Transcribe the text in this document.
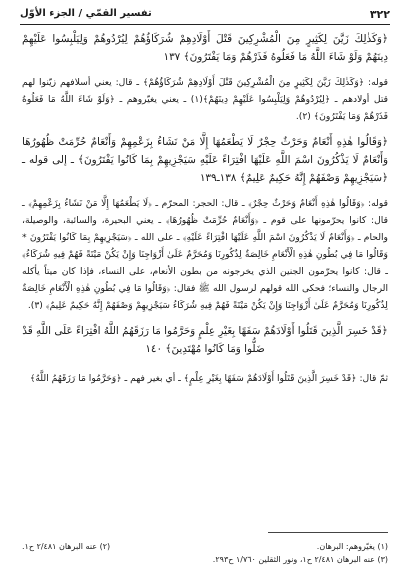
٣٢٢
تفسير القمّي / الجزء الأوّل

﴿وَكَذٰلِكَ زَيَّنَ لِكَثِيرٍ مِنَ الْمُشْرِكِينَ قَتْلَ أَوْلَادِهِمْ شُرَكَاؤُهُمْ لِيُرْدُوهُمْ وَلِيَلْبِسُوا عَلَيْهِمْ دِينَهُمْ وَلَوْ شَاءَ اللَّهُ مَا فَعَلُوهُ فَذَرْهُمْ وَمَا يَفْتَرُونَ﴾ ١٣٧

قوله: ﴿وَكَذٰلِكَ زَيَّنَ لِكَثِيرٍ مِنَ الْمُشْرِكِينَ قَتْلَ أَوْلَادِهِمْ شُرَكَاؤُهُمْ﴾ ـ قال: يعني أسلافهم زيّنوا لهم قتل أولادهم ـ ﴿لِيُرْدُوهُمْ وَلِيَلْبِسُوا عَلَيْهِمْ دِينَهُمْ﴾(١) ـ يعني يغيّروهم ـ ﴿وَلَوْ شَاءَ اللَّهُ مَا فَعَلُوهُ فَذَرْهُمْ وَمَا يَفْتَرُونَ﴾ (٢).

﴿وَقَالُوا هٰذِهِ أَنْعَامٌ وَحَرْثٌ حِجْرٌ لَا يَطْعَمُهَا إِلَّا مَنْ نَشَاءُ بِزَعْمِهِمْ وَأَنْعَامٌ حُرِّمَتْ ظُهُورُهَا وَأَنْعَامٌ لَا يَذْكُرُونَ اسْمَ اللَّهِ عَلَيْهَا افْتِرَاءً عَلَيْهِ سَيَجْزِيهِمْ بِمَا كَانُوا يَفْتَرُونَ﴾ ـ إلى قوله ـ ﴿سَيَجْزِيهِمْ وَصْفَهُمْ إِنَّهُ حَكِيمٌ عَلِيمٌ﴾ ١٣٨ـ١٣٩

قوله: ﴿وَقَالُوا هٰذِهِ أَنْعَامٌ وَحَرْثٌ حِجْرٌ﴾ ـ قال: الحجر: المحرّم ـ ﴿لَا يَطْعَمُهَا إِلَّا مَنْ نَشَاءُ بِزَعْمِهِمْ﴾ ـ قال: كانوا يحرّمونها على قوم ـ ﴿وَأَنْعَامٌ حُرِّمَتْ ظُهُورُهَا﴾ ـ يعني البحيرة، والسائبة، والوصيلة، والحام ـ ﴿وَأَنْعَامٌ لَا يَذْكُرُونَ اسْمَ اللَّهِ عَلَيْهَا افْتِرَاءً عَلَيْهِ﴾ ـ على الله ـ ﴿سَيَجْزِيهِمْ بِمَا كَانُوا يَفْتَرُونَ * وَقَالُوا مَا فِي بُطُونِ هٰذِهِ الْأَنْعَامِ خَالِصَةٌ لِذُكُورِنَا وَمُحَرَّمٌ عَلَىٰ أَزْوَاجِنَا وَإِنْ يَكُنْ مَيْتَةً فَهُمْ فِيهِ شُرَكَاءُ﴾ ـ قال: كانوا يحرّمون الجنين الذي يخرجونه من بطون الأنعام، على النساء، فإذا كان ميتاً يأكله الرجال والنساء؛ فحكى الله قولهم لرسول الله ﷺ فقال: ﴿وَقَالُوا مَا فِي بُطُونِ هٰذِهِ الْأَنْعَامِ خَالِصَةٌ لِذُكُورِنَا وَمُحَرَّمٌ عَلَىٰ أَزْوَاجِنَا وَإِنْ يَكُنْ مَيْتَةً فَهُمْ فِيهِ شُرَكَاءُ سَيَجْزِيهِمْ وَصْفَهُمْ إِنَّهُ حَكِيمٌ عَلِيمٌ﴾ (٣).

﴿قَدْ خَسِرَ الَّذِينَ قَتَلُوا أَوْلَادَهُمْ سَفَهًا بِغَيْرِ عِلْمٍ وَحَرَّمُوا مَا رَزَقَهُمُ اللَّهُ افْتِرَاءً عَلَى اللَّهِ قَدْ ضَلُّوا وَمَا كَانُوا مُهْتَدِينَ﴾ ١٤٠

ثمّ قال: ﴿قَدْ خَسِرَ الَّذِينَ قَتَلُوا أَوْلَادَهُمْ سَفَهًا بِغَيْرِ عِلْمٍ﴾ ـ أي بغير فهم ـ ﴿وَحَرَّمُوا مَا رَزَقَهُمُ اللَّهُ﴾

(١) يغيّروهم: البرهان.
(٢) عنه البرهان ٢/٤٨١ ح١.
(٣) عنه البرهان ٢/٤٨١ ح١، ونور الثقلين ١/٧٦٠ ح٢٩٣.
